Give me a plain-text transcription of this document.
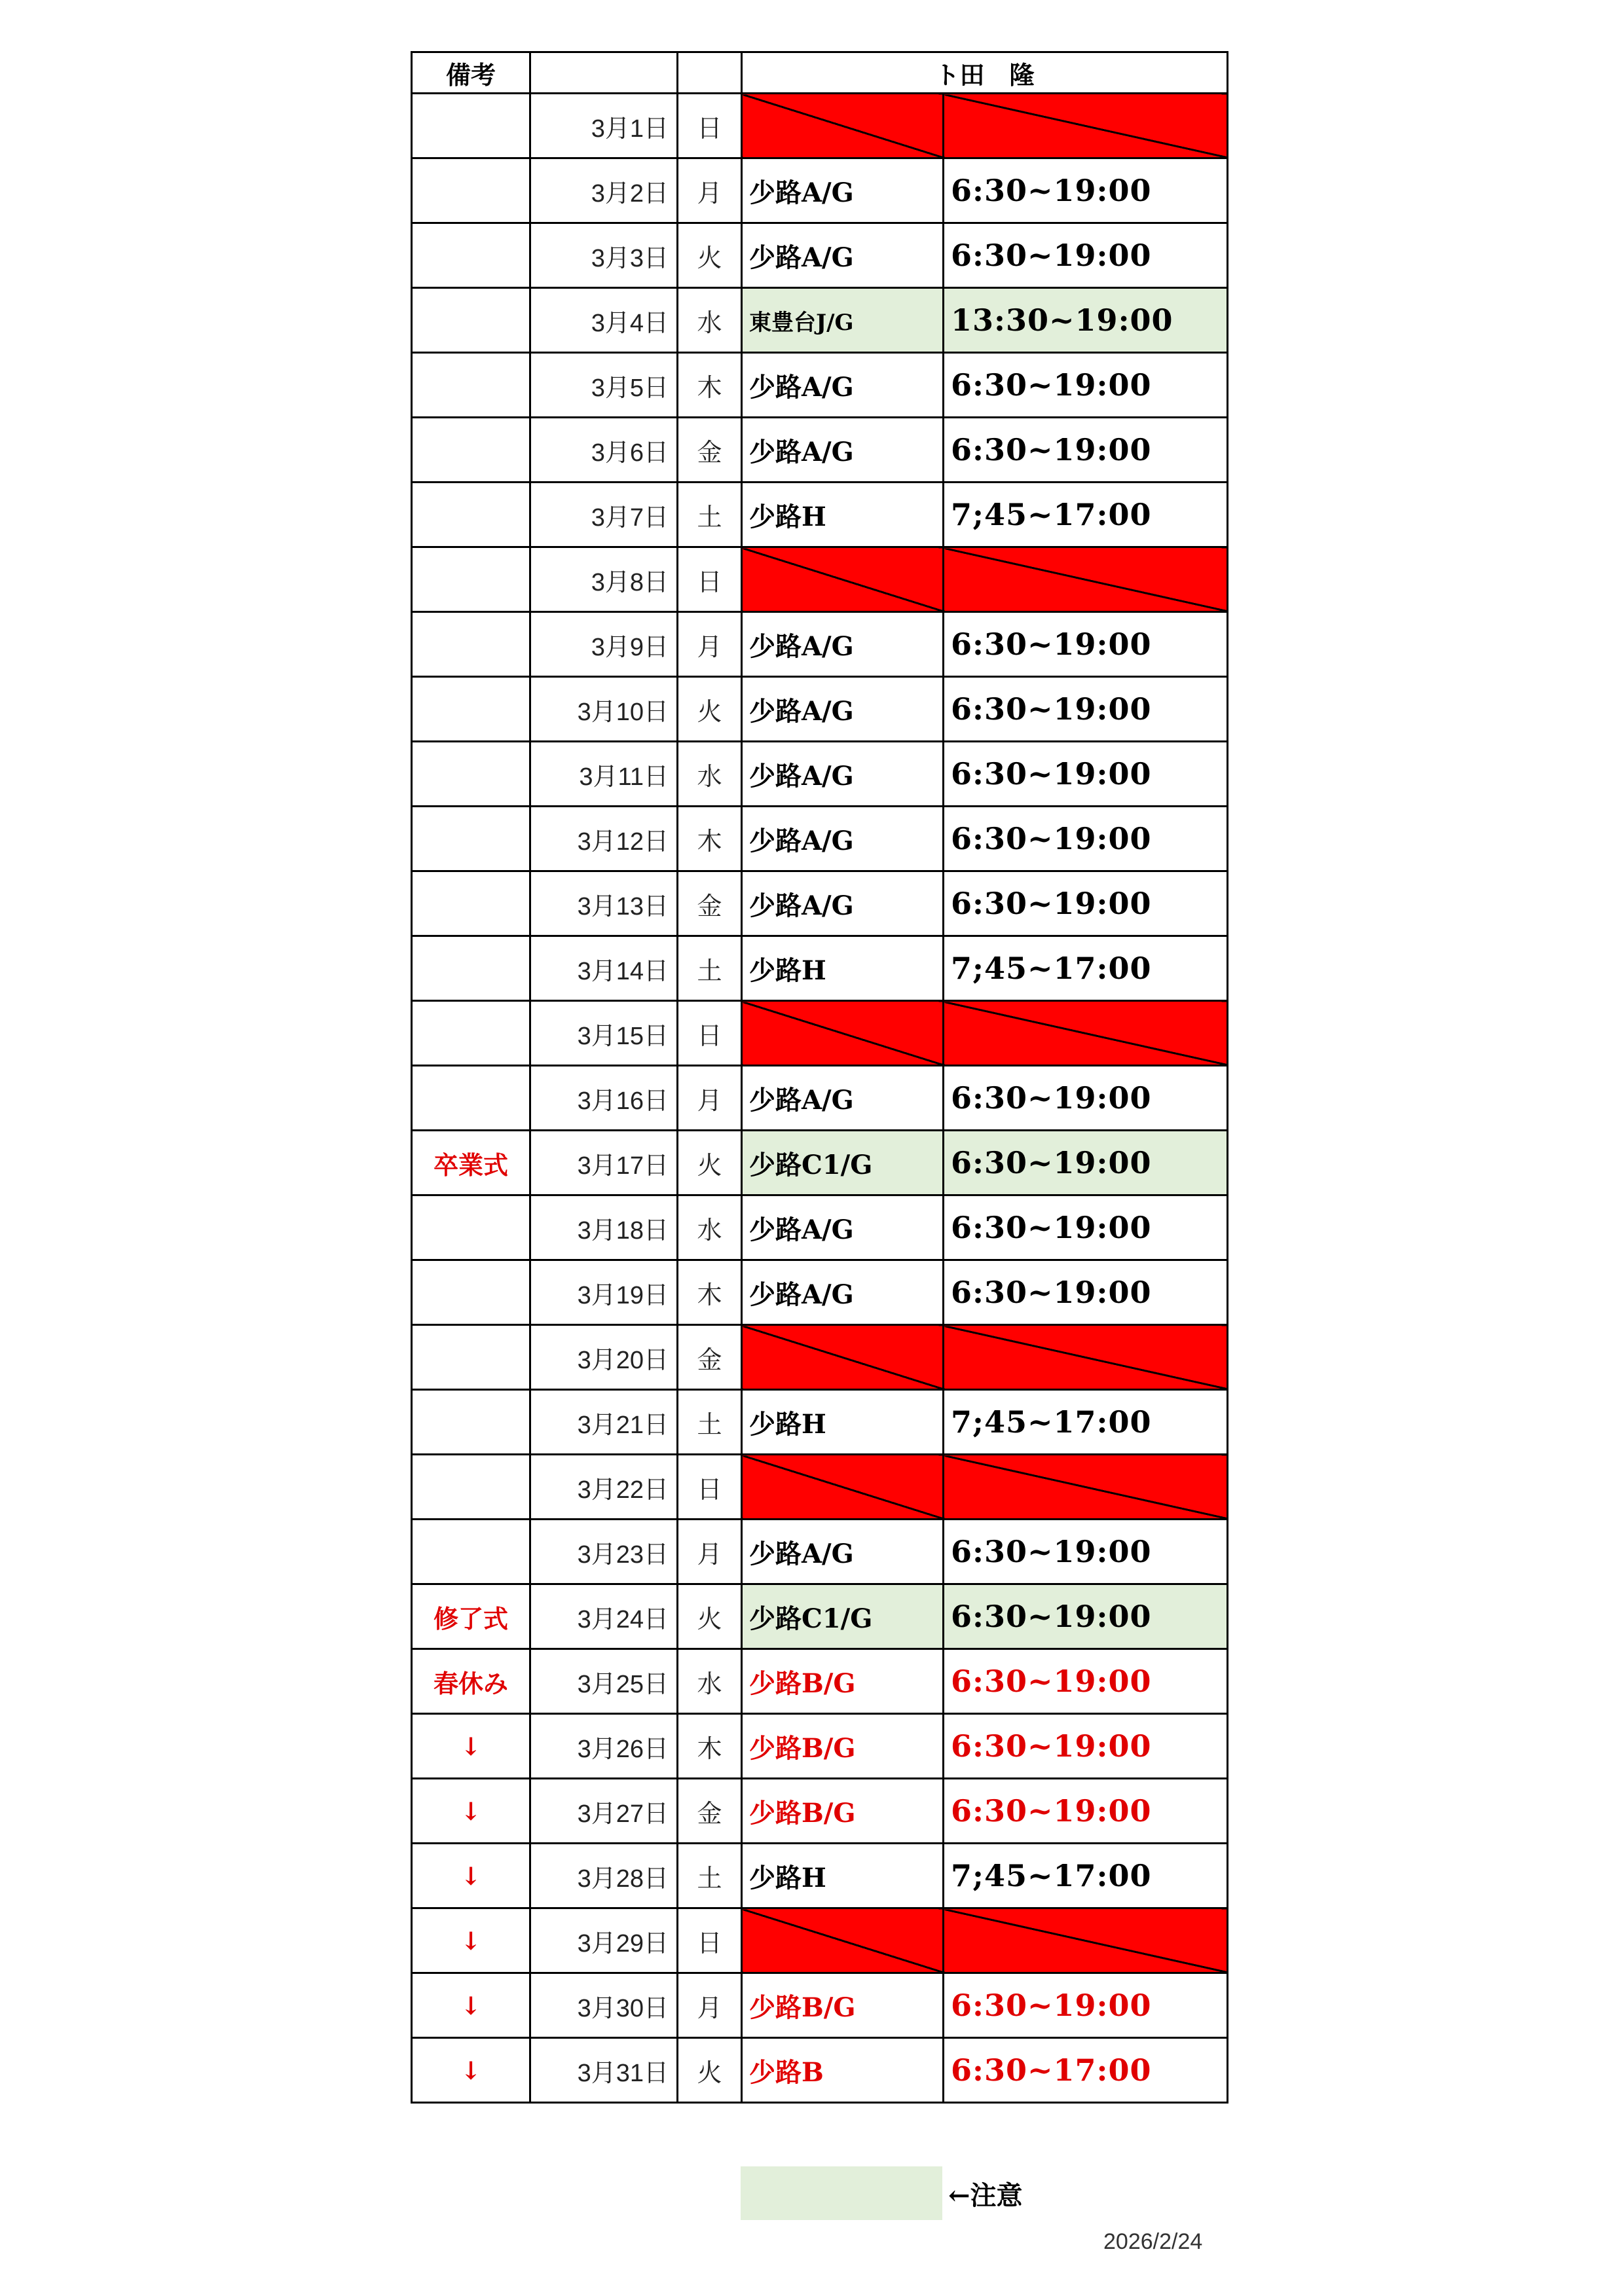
備考			ト田　隆	
	3月1日	日		
	3月2日	月	少路A/G	6:30~19:00
	3月3日	火	少路A/G	6:30~19:00
	3月4日	水	東豊台J/G	13:30~19:00
	3月5日	木	少路A/G	6:30~19:00
	3月6日	金	少路A/G	6:30~19:00
	3月7日	土	少路H	7;45~17:00
	3月8日	日		
	3月9日	月	少路A/G	6:30~19:00
	3月10日	火	少路A/G	6:30~19:00
	3月11日	水	少路A/G	6:30~19:00
	3月12日	木	少路A/G	6:30~19:00
	3月13日	金	少路A/G	6:30~19:00
	3月14日	土	少路H	7;45~17:00
	3月15日	日		
	3月16日	月	少路A/G	6:30~19:00
卒業式	3月17日	火	少路C1/G	6:30~19:00
	3月18日	水	少路A/G	6:30~19:00
	3月19日	木	少路A/G	6:30~19:00
	3月20日	金		
	3月21日	土	少路H	7;45~17:00
	3月22日	日		
	3月23日	月	少路A/G	6:30~19:00
修了式	3月24日	火	少路C1/G	6:30~19:00
春休み	3月25日	水	少路B/G	6:30~19:00
↓	3月26日	木	少路B/G	6:30~19:00
↓	3月27日	金	少路B/G	6:30~19:00
↓	3月28日	土	少路H	7;45~17:00
↓	3月29日	日		
↓	3月30日	月	少路B/G	6:30~19:00
↓	3月31日	火	少路B	6:30~17:00
←注意
2026/2/24
